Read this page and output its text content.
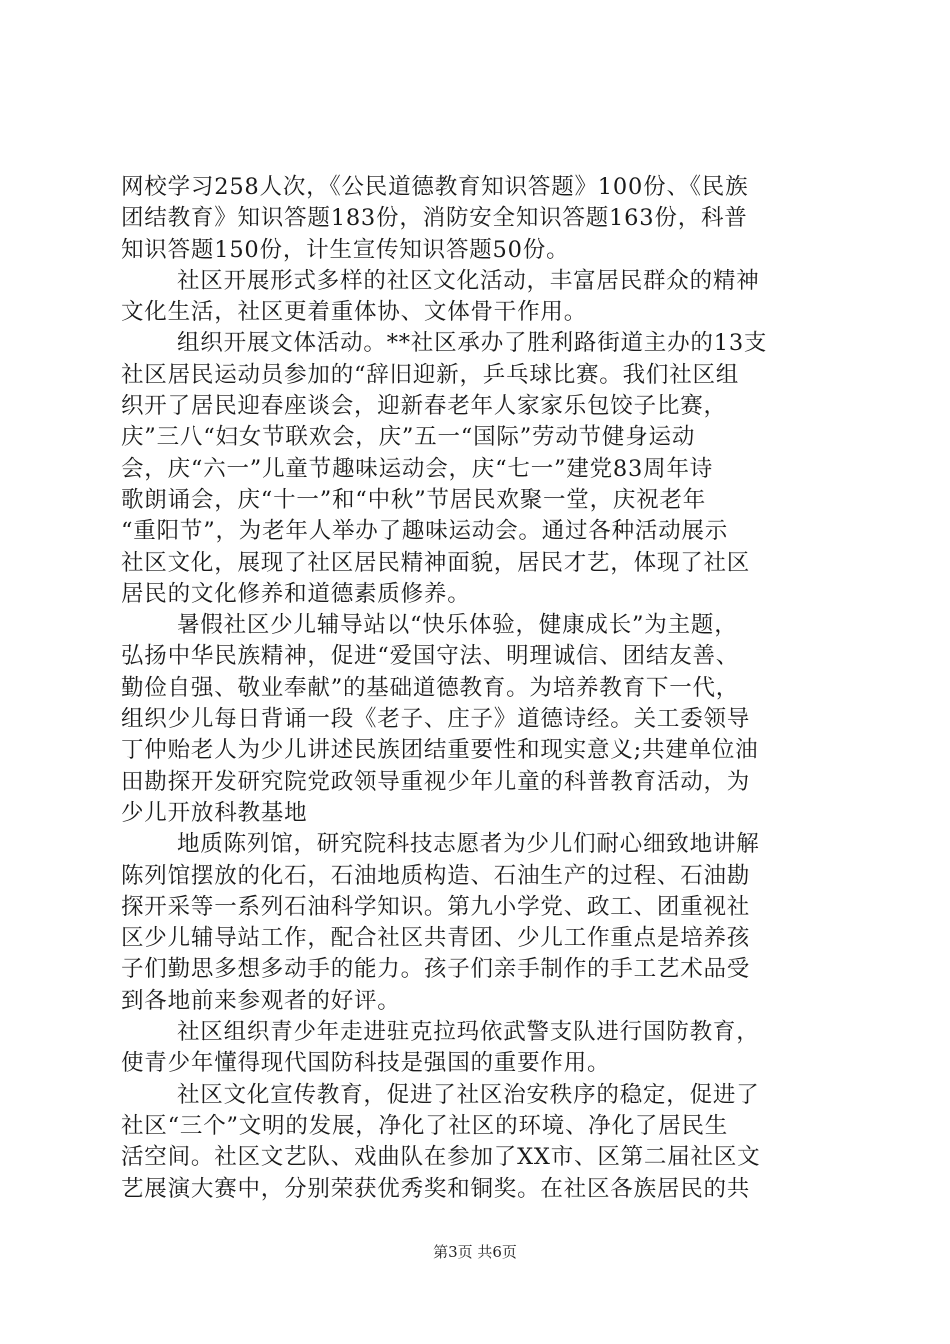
网校学习258人次，《公民道德教育知识答题》100份、《民族
团结教育》知识答题183份，消防安全知识答题163份，科普
知识答题150份，计生宣传知识答题50份。
社区开展形式多样的社区文化活动，丰富居民群众的精神
文化生活，社区更着重体协、文体骨干作用。
组织开展文体活动。**社区承办了胜利路街道主办的13支
社区居民运动员参加的“辞旧迎新，乒乓球比赛。我们社区组
织开了居民迎春座谈会，迎新春老年人家家乐包饺子比赛，
庆”三八“妇女节联欢会，庆”五一“国际”劳动节健身运动
会，庆“六一”儿童节趣味运动会，庆“七一”建党83周年诗
歌朗诵会，庆“十一”和“中秋”节居民欢聚一堂，庆祝老年
“重阳节”，为老年人举办了趣味运动会。通过各种活动展示
社区文化，展现了社区居民精神面貌，居民才艺，体现了社区
居民的文化修养和道德素质修养。
暑假社区少儿辅导站以“快乐体验，健康成长”为主题，
弘扬中华民族精神，促进“爱国守法、明理诚信、团结友善、
勤俭自强、敬业奉献”的基础道德教育。为培养教育下一代，
组织少儿每日背诵一段《老子、庄子》道德诗经。关工委领导
丁仲贻老人为少儿讲述民族团结重要性和现实意义;共建单位油
田勘探开发研究院党政领导重视少年儿童的科普教育活动，为
少儿开放科教基地
地质陈列馆，研究院科技志愿者为少儿们耐心细致地讲解
陈列馆摆放的化石，石油地质构造、石油生产的过程、石油勘
探开采等一系列石油科学知识。第九小学党、政工、团重视社
区少儿辅导站工作，配合社区共青团、少儿工作重点是培养孩
子们勤思多想多动手的能力。孩子们亲手制作的手工艺术品受
到各地前来参观者的好评。
社区组织青少年走进驻克拉玛依武警支队进行国防教育，
使青少年懂得现代国防科技是强国的重要作用。
社区文化宣传教育，促进了社区治安秩序的稳定，促进了
社区“三个”文明的发展，净化了社区的环境、净化了居民生
活空间。社区文艺队、戏曲队在参加了XX市、区第二届社区文
艺展演大赛中，分别荣获优秀奖和铜奖。在社区各族居民的共
第3页 共6页
